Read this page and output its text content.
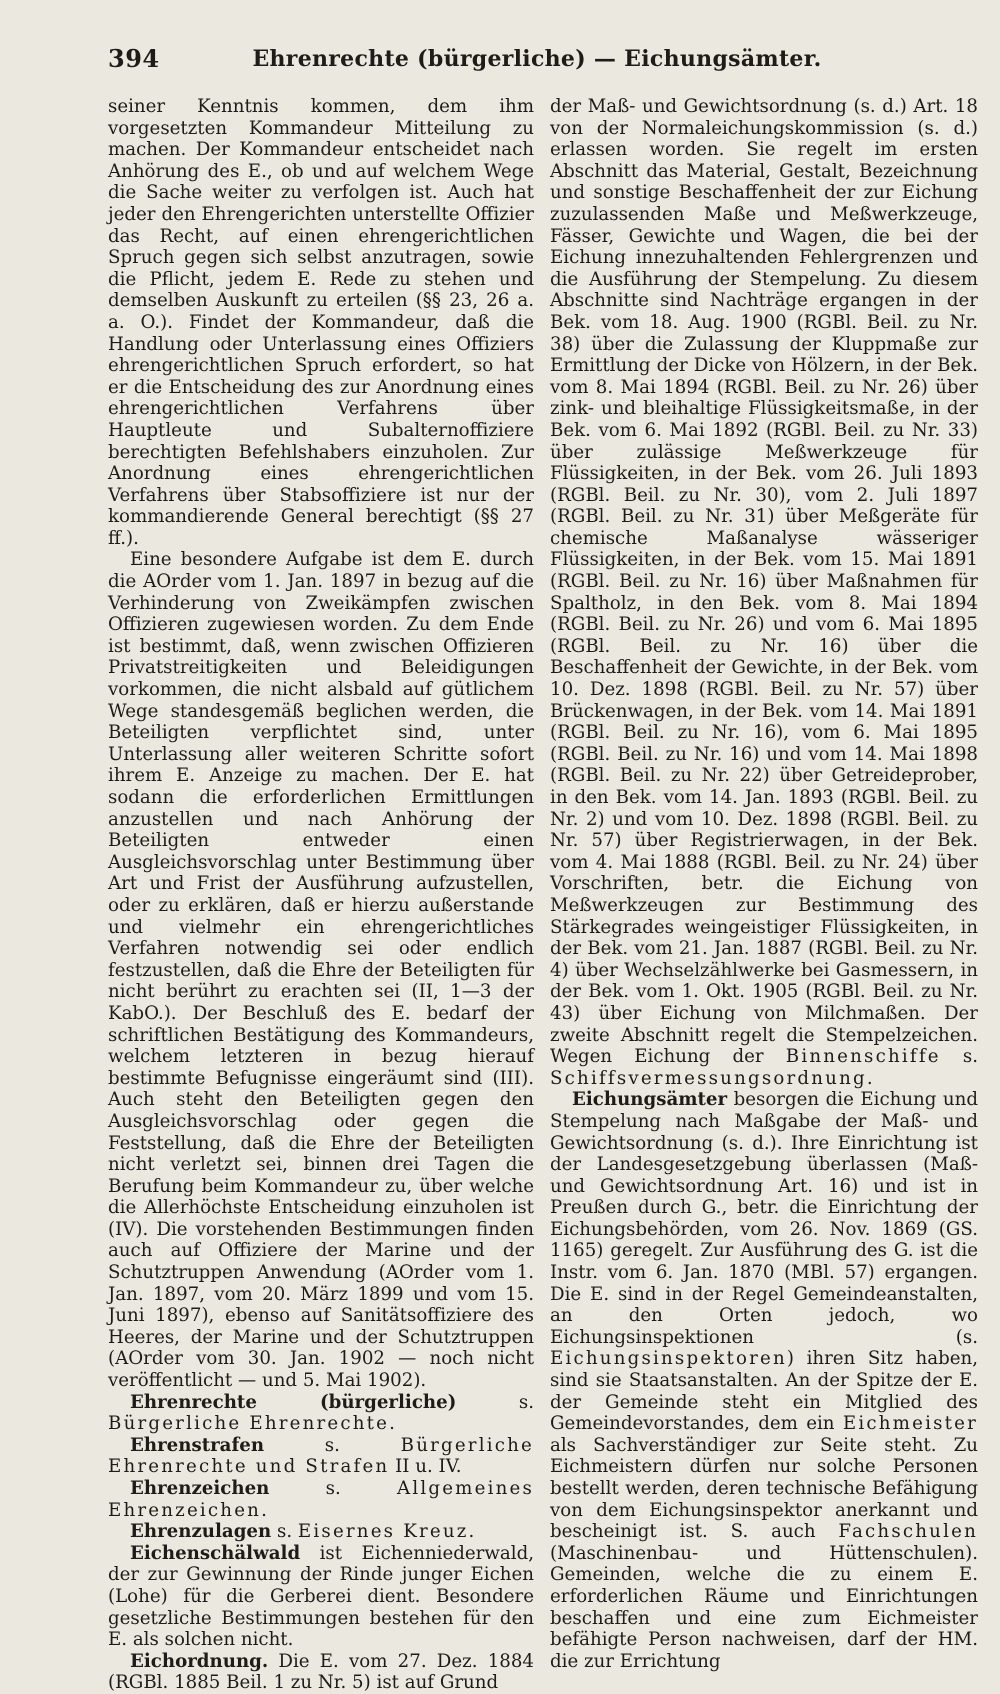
394	Ehrenrechte (bürgerliche) — Eichungsämter.

seiner Kenntnis kommen, dem ihm vorgesetzten Kommandeur Mitteilung zu machen. Der Kommandeur entscheidet nach Anhörung des E., ob und auf welchem Wege die Sache weiter zu verfolgen ist. Auch hat jeder den Ehrengerichten unterstellte Offizier das Recht, auf einen ehrengerichtlichen Spruch gegen sich selbst anzutragen, sowie die Pflicht, jedem E. Rede zu stehen und demselben Auskunft zu erteilen (§§ 23, 26 a. a. O.). Findet der Kommandeur, daß die Handlung oder Unterlassung eines Offiziers ehrengerichtlichen Spruch erfordert, so hat er die Entscheidung des zur Anordnung eines ehrengerichtlichen Verfahrens über Hauptleute und Subalternoffiziere berechtigten Befehlshabers einzuholen. Zur Anordnung eines ehrengerichtlichen Verfahrens über Stabsoffiziere ist nur der kommandierende General berechtigt (§§ 27 ff.).

Eine besondere Aufgabe ist dem E. durch die AOrder vom 1. Jan. 1897 in bezug auf die Verhinderung von Zweikämpfen zwischen Offizieren zugewiesen worden. Zu dem Ende ist bestimmt, daß, wenn zwischen Offizieren Privatstreitigkeiten und Beleidigungen vorkommen, die nicht alsbald auf gütlichem Wege standesgemäß beglichen werden, die Beteiligten verpflichtet sind, unter Unterlassung aller weiteren Schritte sofort ihrem E. Anzeige zu machen. Der E. hat sodann die erforderlichen Ermittlungen anzustellen und nach Anhörung der Beteiligten entweder einen Ausgleichsvorschlag unter Bestimmung über Art und Frist der Ausführung aufzustellen, oder zu erklären, daß er hierzu außerstande und vielmehr ein ehrengerichtliches Verfahren notwendig sei oder endlich festzustellen, daß die Ehre der Beteiligten für nicht berührt zu erachten sei (II, 1—3 der KabO.). Der Beschluß des E. bedarf der schriftlichen Bestätigung des Kommandeurs, welchem letzteren in bezug hierauf bestimmte Befugnisse eingeräumt sind (III). Auch steht den Beteiligten gegen den Ausgleichsvorschlag oder gegen die Feststellung, daß die Ehre der Beteiligten nicht verletzt sei, binnen drei Tagen die Berufung beim Kommandeur zu, über welche die Allerhöchste Entscheidung einzuholen ist (IV). Die vorstehenden Bestimmungen finden auch auf Offiziere der Marine und der Schutztruppen Anwendung (AOrder vom 1. Jan. 1897, vom 20. März 1899 und vom 15. Juni 1897), ebenso auf Sanitätsoffiziere des Heeres, der Marine und der Schutztruppen (AOrder vom 30. Jan. 1902 — noch nicht veröffentlicht — und 5. Mai 1902).

Ehrenrechte (bürgerliche) s. Bürgerliche Ehrenrechte.

Ehrenstrafen s. Bürgerliche Ehrenrechte und Strafen II u. IV.

Ehrenzeichen s. Allgemeines Ehrenzeichen.

Ehrenzulagen s. Eisernes Kreuz.

Eichenschälwald ist Eichenniederwald, der zur Gewinnung der Rinde junger Eichen (Lohe) für die Gerberei dient. Besondere gesetzliche Bestimmungen bestehen für den E. als solchen nicht.

Eichordnung. Die E. vom 27. Dez. 1884 (RGBl. 1885 Beil. 1 zu Nr. 5) ist auf Grund

der Maß- und Gewichtsordnung (s. d.) Art. 18 von der Normaleichungskommission (s. d.) erlassen worden. Sie regelt im ersten Abschnitt das Material, Gestalt, Bezeichnung und sonstige Beschaffenheit der zur Eichung zuzulassenden Maße und Meßwerkzeuge, Fässer, Gewichte und Wagen, die bei der Eichung innezuhaltenden Fehlergrenzen und die Ausführung der Stempelung. Zu diesem Abschnitte sind Nachträge ergangen in der Bek. vom 18. Aug. 1900 (RGBl. Beil. zu Nr. 38) über die Zulassung der Kluppmaße zur Ermittlung der Dicke von Hölzern, in der Bek. vom 8. Mai 1894 (RGBl. Beil. zu Nr. 26) über zink- und bleihaltige Flüssigkeitsmaße, in der Bek. vom 6. Mai 1892 (RGBl. Beil. zu Nr. 33) über zulässige Meßwerkzeuge für Flüssigkeiten, in der Bek. vom 26. Juli 1893 (RGBl. Beil. zu Nr. 30), vom 2. Juli 1897 (RGBl. Beil. zu Nr. 31) über Meßgeräte für chemische Maßanalyse wässeriger Flüssigkeiten, in der Bek. vom 15. Mai 1891 (RGBl. Beil. zu Nr. 16) über Maßnahmen für Spaltholz, in den Bek. vom 8. Mai 1894 (RGBl. Beil. zu Nr. 26) und vom 6. Mai 1895 (RGBl. Beil. zu Nr. 16) über die Beschaffenheit der Gewichte, in der Bek. vom 10. Dez. 1898 (RGBl. Beil. zu Nr. 57) über Brückenwagen, in der Bek. vom 14. Mai 1891 (RGBl. Beil. zu Nr. 16), vom 6. Mai 1895 (RGBl. Beil. zu Nr. 16) und vom 14. Mai 1898 (RGBl. Beil. zu Nr. 22) über Getreideprober, in den Bek. vom 14. Jan. 1893 (RGBl. Beil. zu Nr. 2) und vom 10. Dez. 1898 (RGBl. Beil. zu Nr. 57) über Registrierwagen, in der Bek. vom 4. Mai 1888 (RGBl. Beil. zu Nr. 24) über Vorschriften, betr. die Eichung von Meßwerkzeugen zur Bestimmung des Stärkegrades weingeistiger Flüssigkeiten, in der Bek. vom 21. Jan. 1887 (RGBl. Beil. zu Nr. 4) über Wechselzählwerke bei Gasmessern, in der Bek. vom 1. Okt. 1905 (RGBl. Beil. zu Nr. 43) über Eichung von Milchmaßen. Der zweite Abschnitt regelt die Stempelzeichen. Wegen Eichung der Binnenschiffe s. Schiffsvermessungsordnung.

Eichungsämter besorgen die Eichung und Stempelung nach Maßgabe der Maß- und Gewichtsordnung (s. d.). Ihre Einrichtung ist der Landesgesetzgebung überlassen (Maß- und Gewichtsordnung Art. 16) und ist in Preußen durch G., betr. die Einrichtung der Eichungsbehörden, vom 26. Nov. 1869 (GS. 1165) geregelt. Zur Ausführung des G. ist die Instr. vom 6. Jan. 1870 (MBl. 57) ergangen. Die E. sind in der Regel Gemeindeanstalten, an den Orten jedoch, wo Eichungsinspektionen (s. Eichungsinspektoren) ihren Sitz haben, sind sie Staatsanstalten. An der Spitze der E. der Gemeinde steht ein Mitglied des Gemeindevorstandes, dem ein Eichmeister als Sachverständiger zur Seite steht. Zu Eichmeistern dürfen nur solche Personen bestellt werden, deren technische Befähigung von dem Eichungsinspektor anerkannt und bescheinigt ist. S. auch Fachschulen (Maschinenbau- und Hüttenschulen). Gemeinden, welche die zu einem E. erforderlichen Räume und Einrichtungen beschaffen und eine zum Eichmeister befähigte Person nachweisen, darf der HM. die zur Errichtung
